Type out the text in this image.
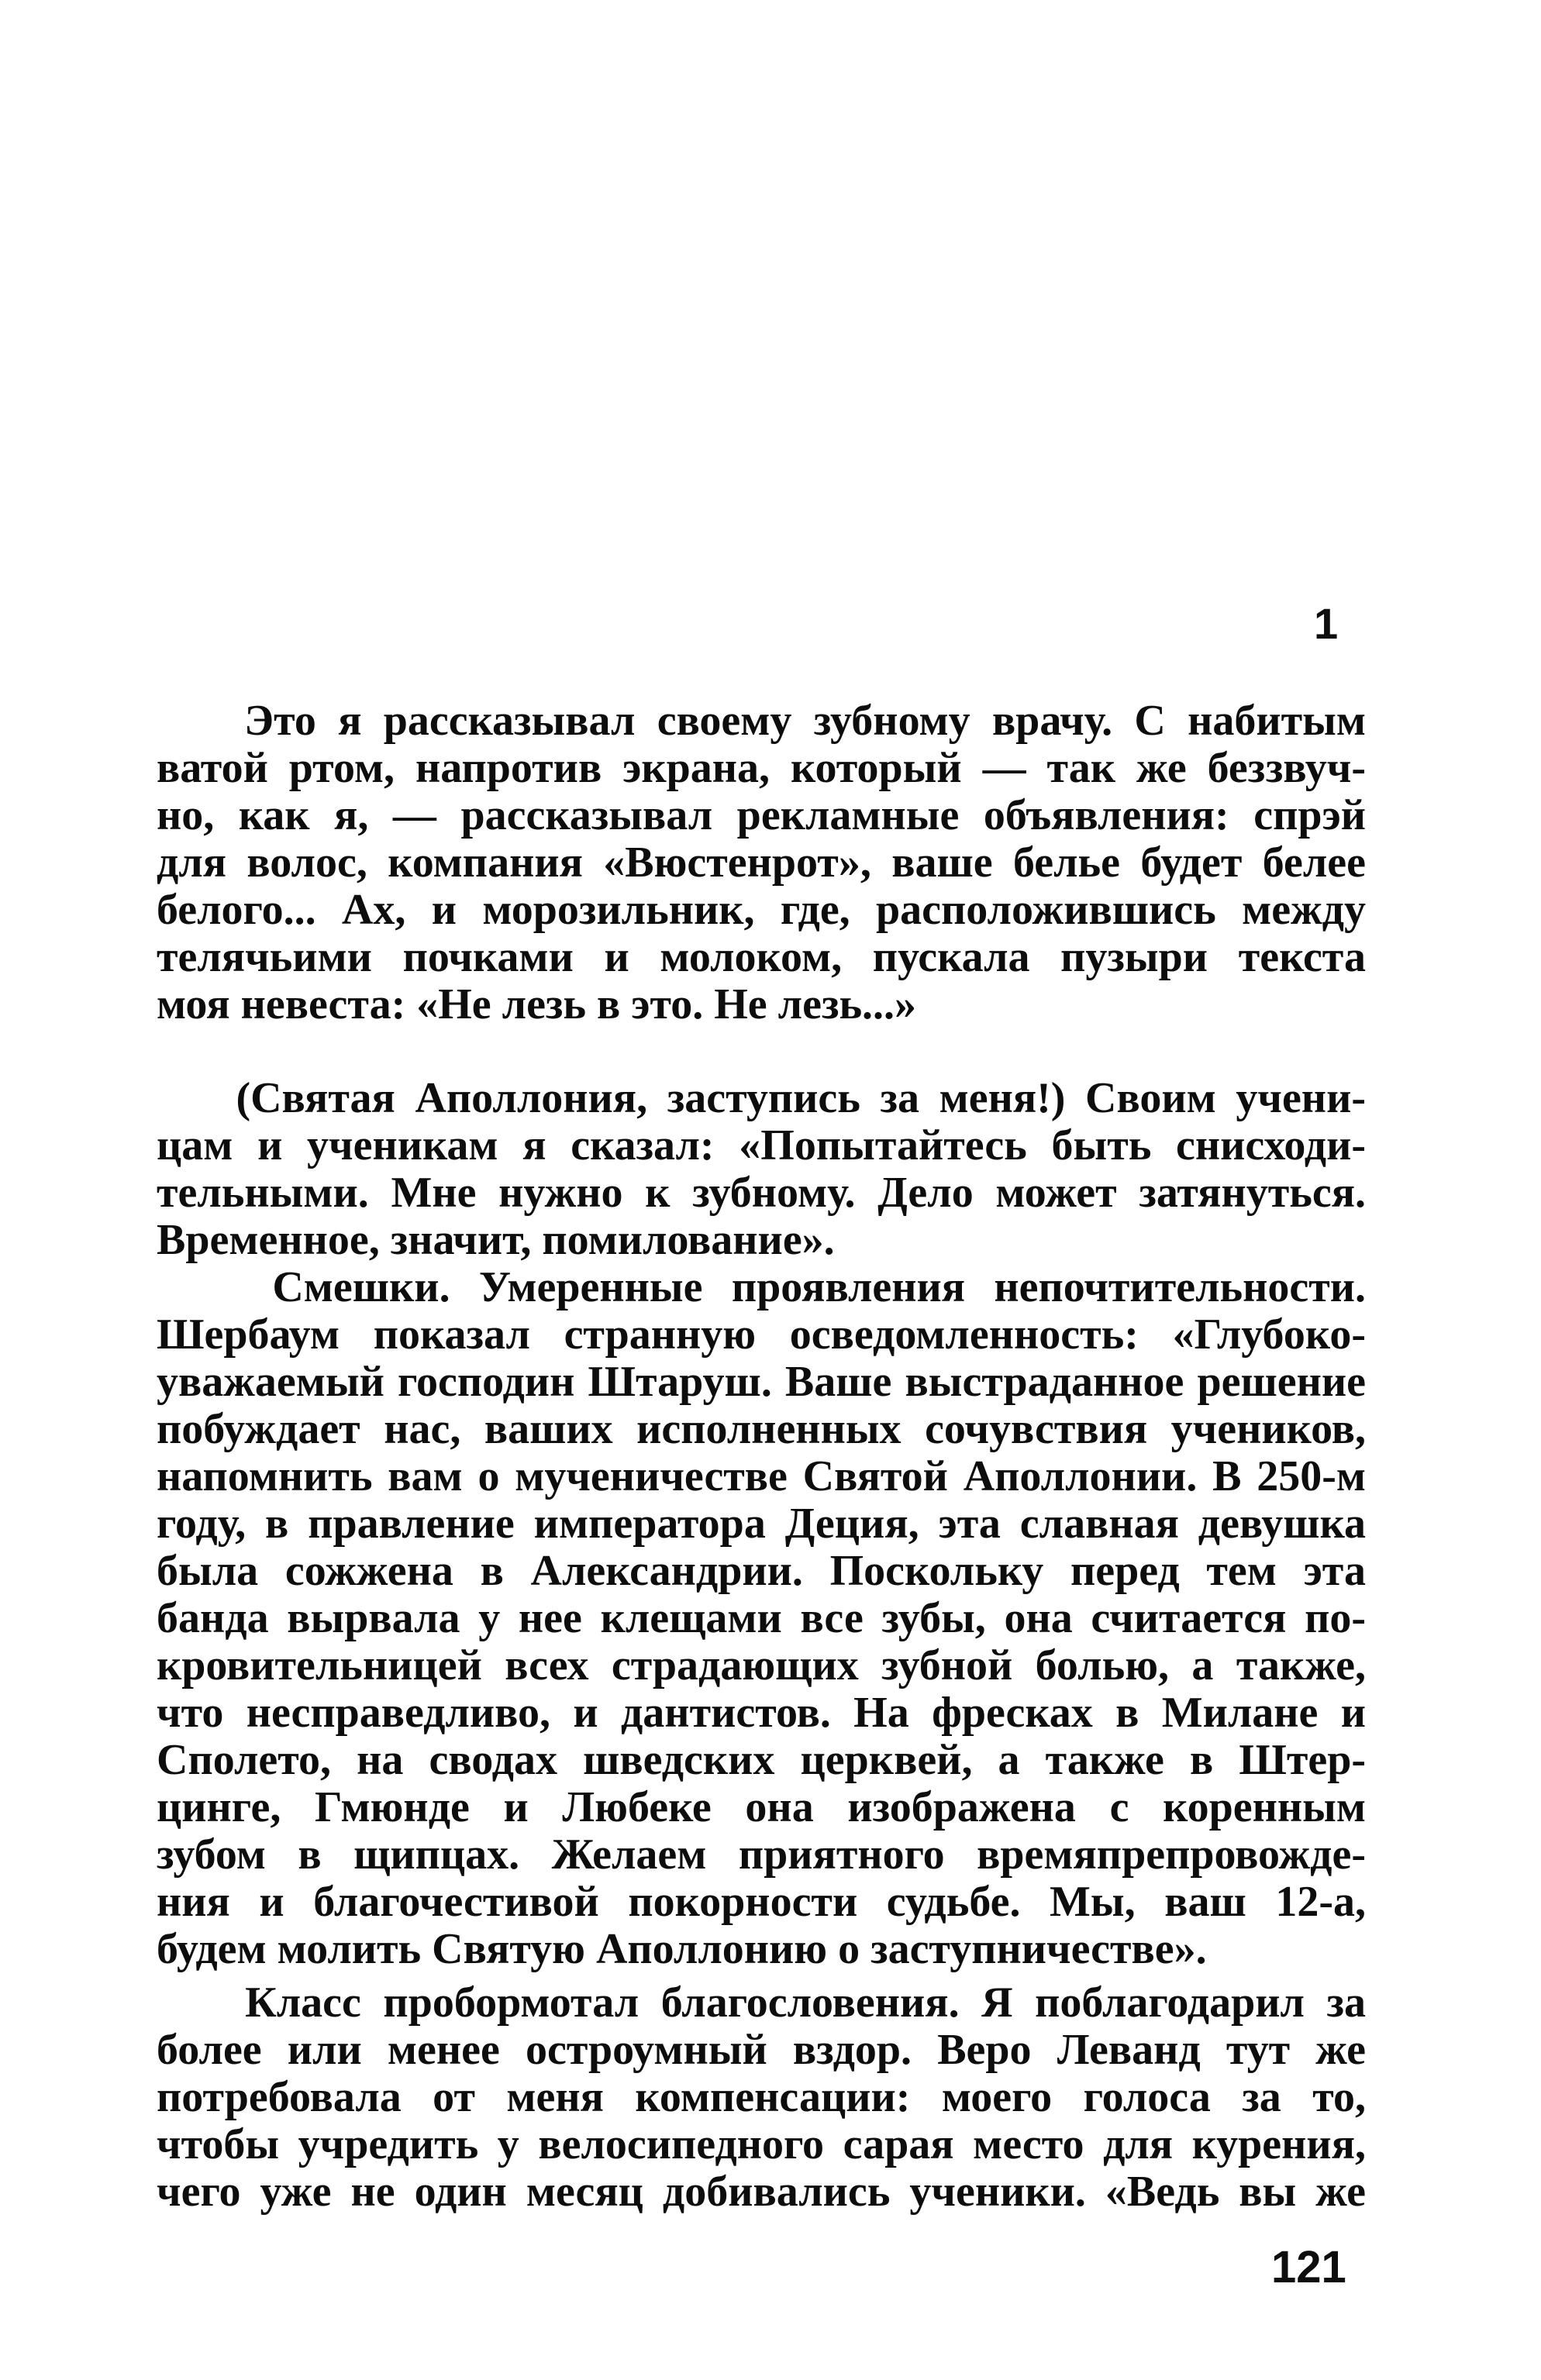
1
Это я рассказывал своему зубному врачу. С набитым
ватой ртом, напротив экрана, который — так же беззвуч-
но, как я, — рассказывал рекламные объявления: спрэй
для волос, компания «Вюстенрот», ваше белье будет белее
белого... Ах, и морозильник, где, расположившись между
телячьими почками и молоком, пускала пузыри текста
моя невеста: «Не лезь в это. Не лезь...»
(Святая Аполлония, заступись за меня!) Своим учени-
цам и ученикам я сказал: «Попытайтесь быть снисходи-
тельными. Мне нужно к зубному. Дело может затянуться.
Временное, значит, помилование».
Смешки. Умеренные проявления непочтительности.
Шербаум показал странную осведомленность: «Глубоко-
уважаемый господин Штаруш. Ваше выстраданное решение
побуждает нас, ваших исполненных сочувствия учеников,
напомнить вам о мученичестве Святой Аполлонии. В 250-м
году, в правление императора Деция, эта славная девушка
была сожжена в Александрии. Поскольку перед тем эта
банда вырвала у нее клещами все зубы, она считается по-
кровительницей всех страдающих зубной болью, а также,
что несправедливо, и дантистов. На фресках в Милане и
Сполето, на сводах шведских церквей, а также в Штер-
цинге, Гмюнде и Любеке она изображена с коренным
зубом в щипцах. Желаем приятного времяпрепровожде-
ния и благочестивой покорности судьбе. Мы, ваш 12-а,
будем молить Святую Аполлонию о заступничестве».
Класс пробормотал благословения. Я поблагодарил за
более или менее остроумный вздор. Веро Леванд тут же
потребовала от меня компенсации: моего голоса за то,
чтобы учредить у велосипедного сарая место для курения,
чего уже не один месяц добивались ученики. «Ведь вы же
121
